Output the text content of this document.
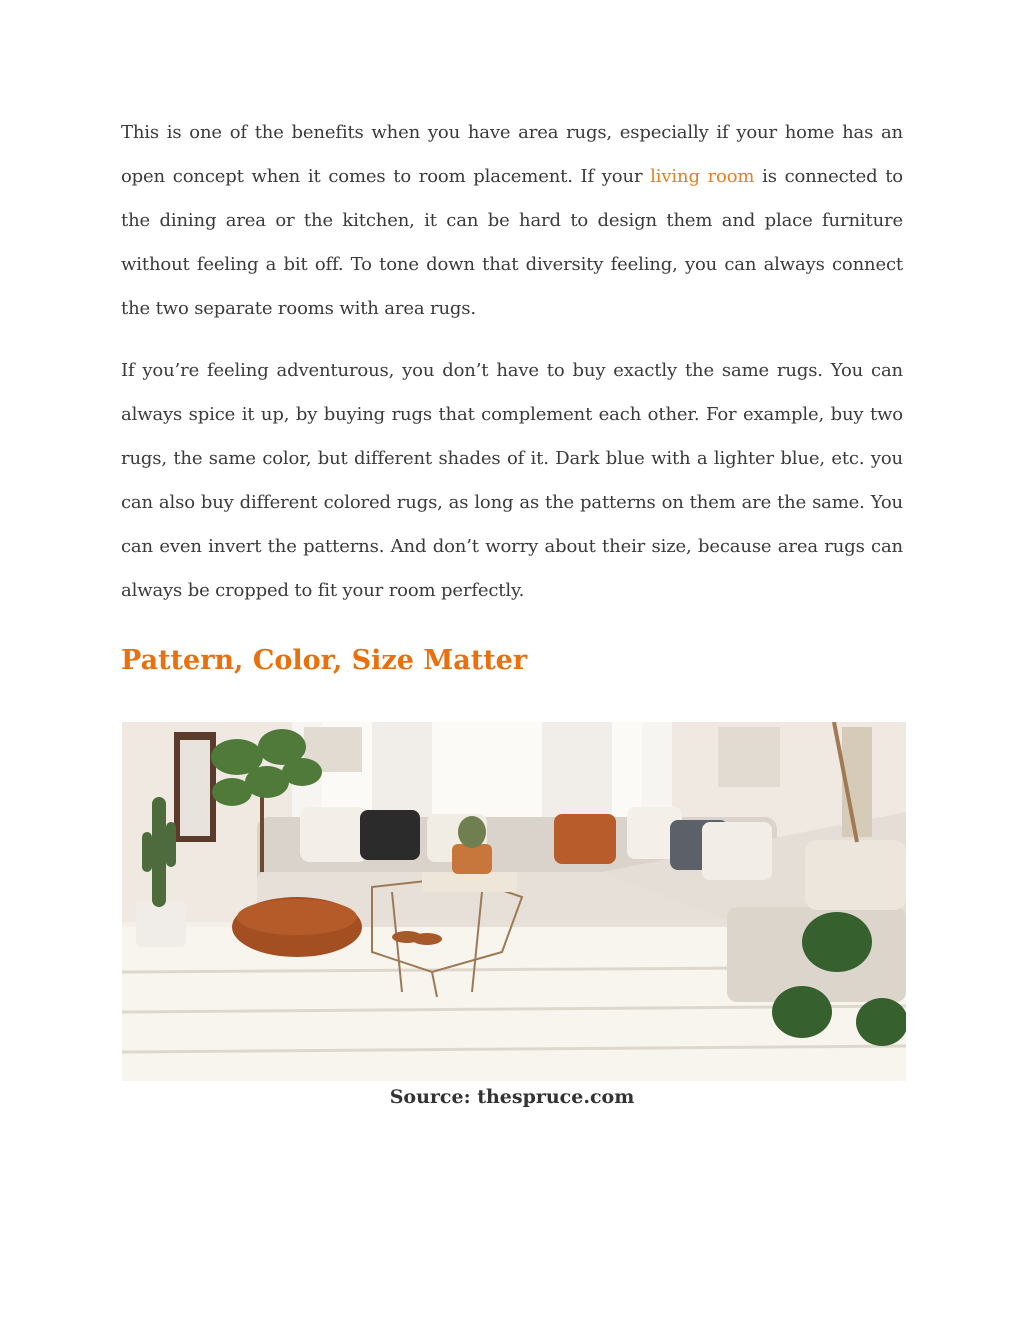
This is one of the benefits when you have area rugs, especially if your home has an open concept when it comes to room placement. If your living room is connected to the dining area or the kitchen, it can be hard to design them and place furniture without feeling a bit off. To tone down that diversity feeling, you can always connect the two separate rooms with area rugs.

If you’re feeling adventurous, you don’t have to buy exactly the same rugs. You can always spice it up, by buying rugs that complement each other. For example, buy two rugs, the same color, but different shades of it. Dark blue with a lighter blue, etc. you can also buy different colored rugs, as long as the patterns on them are the same. You can even invert the patterns. And don’t worry about their size, because area rugs can always be cropped to fit your room perfectly.

Pattern, Color, Size Matter
Source: thespruce.com
